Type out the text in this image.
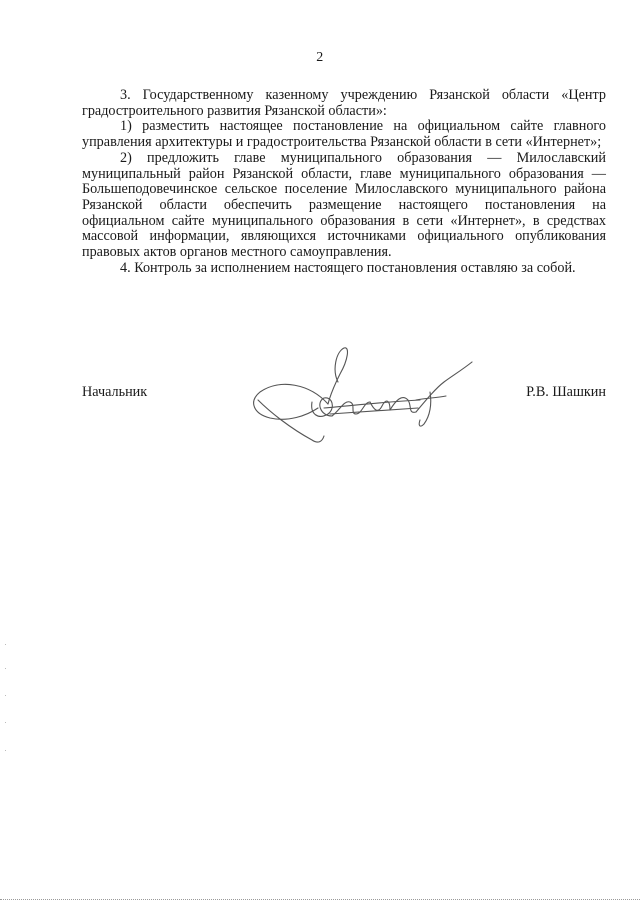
2

3. Государственному казенному учреждению Рязанской области «Центр градостроительного развития Рязанской области»:

1) разместить настоящее постановление на официальном сайте главного управления архитектуры и градостроительства Рязанской области в сети «Интернет»;

2) предложить главе муниципального образования — Милославский муниципальный район Рязанской области, главе муниципального образования — Большеподовечинское сельское поселение Милославского муниципального района Рязанской области обеспечить размещение настоящего постановления на официальном сайте муниципального образования в сети «Интернет», в средствах массовой информации, являющихся источниками официального опубликования правовых актов органов местного самоуправления.

4. Контроль за исполнением настоящего постановления оставляю за собой.

Начальник	Р.В. Шашкин
